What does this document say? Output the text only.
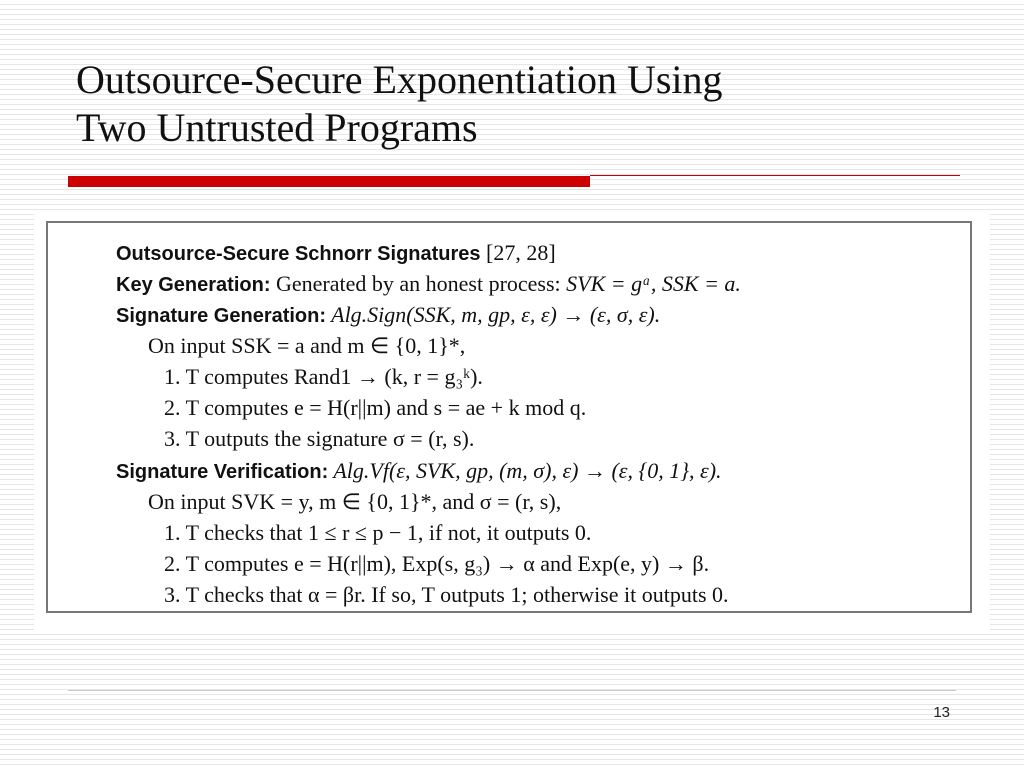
Outsource-Secure Exponentiation Using
Two Untrusted Programs
Outsource-Secure Schnorr Signatures [27, 28]
Key Generation: Generated by an honest process: SVK = gᵃ, SSK = a.
Signature Generation: Alg.Sign(SSK, m, gp, ε, ε) → (ε, σ, ε).
On input SSK = a and m ∈ {0, 1}*,
1. T computes Rand1 → (k, r = g₃ᵏ).
2. T computes e = H(r||m) and s = ae + k mod q.
3. T outputs the signature σ = (r, s).
Signature Verification: Alg.Vf(ε, SVK, gp, (m, σ), ε) → (ε, {0, 1}, ε).
On input SVK = y, m ∈ {0, 1}*, and σ = (r, s),
1. T checks that 1 ≤ r ≤ p − 1, if not, it outputs 0.
2. T computes e = H(r||m), Exp(s, g₃) → α and Exp(e, y) → β.
3. T checks that α = βr. If so, T outputs 1; otherwise it outputs 0.
13
